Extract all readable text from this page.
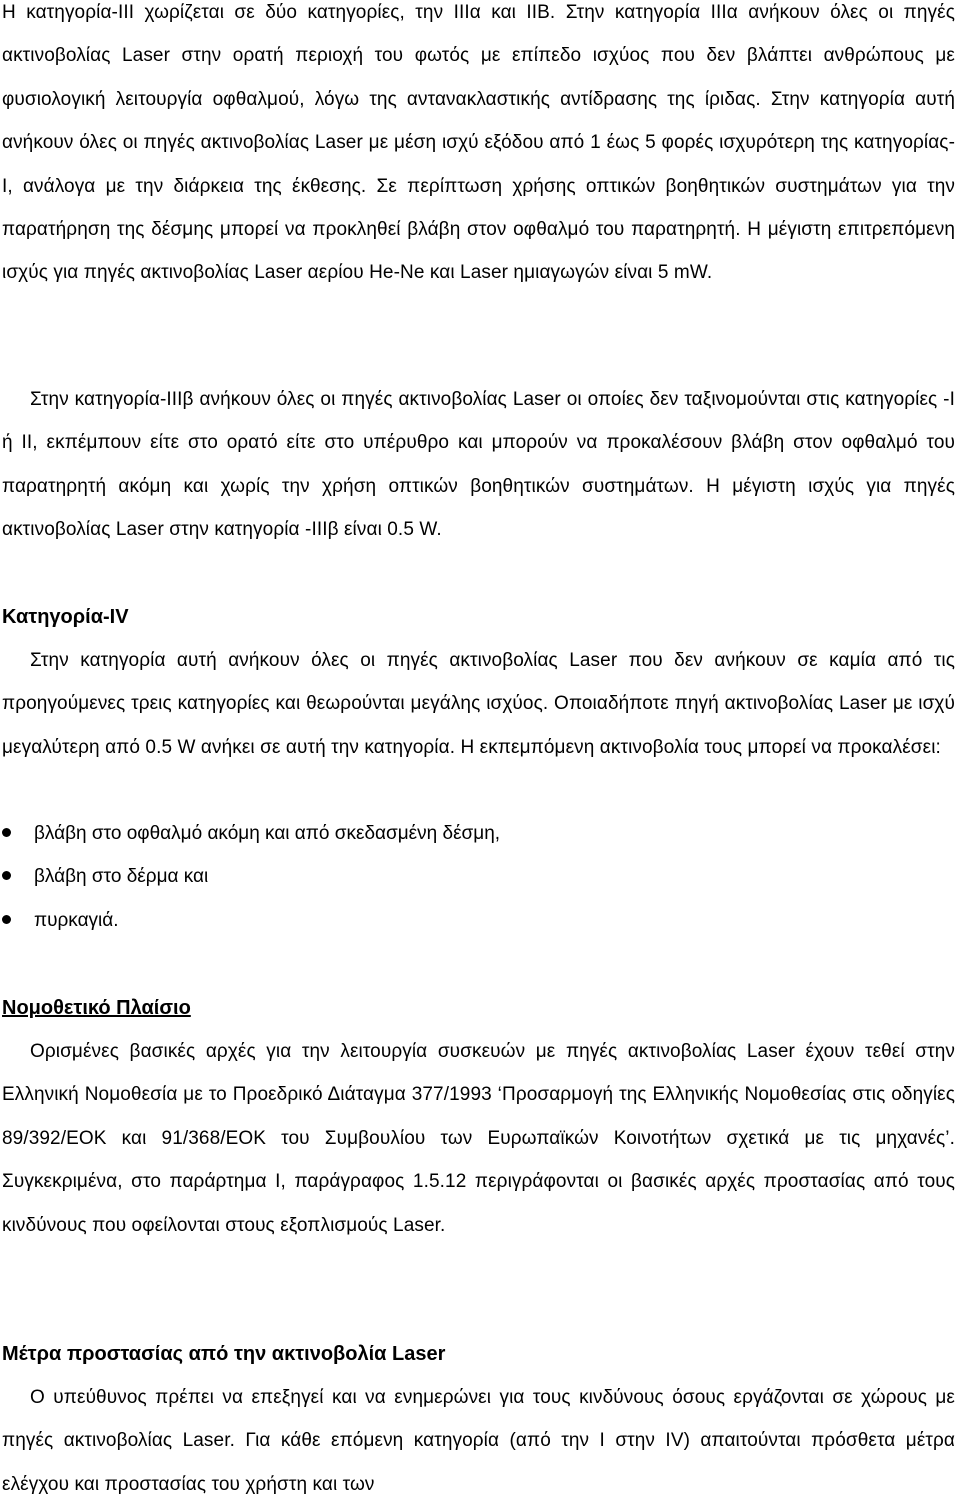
Η κατηγορία-ΙΙΙ χωρίζεται σε δύο κατηγορίες, την ΙΙΙα και ΙΙΒ. Στην κατηγορία ΙΙΙα ανήκουν όλες οι πηγές ακτινοβολίας Laser στην ορατή περιοχή του φωτός με επίπεδο ισχύος που δεν βλάπτει ανθρώπους με φυσιολογική λειτουργία οφθαλμού, λόγω της αντανακλαστικής αντίδρασης της ίριδας. Στην κατηγορία αυτή ανήκουν όλες οι πηγές ακτινοβολίας Laser με μέση ισχύ εξόδου από 1 έως 5 φορές ισχυρότερη της κατηγορίας-Ι, ανάλογα με την διάρκεια της έκθεσης. Σε περίπτωση χρήσης οπτικών βοηθητικών συστημάτων για την παρατήρηση της δέσμης μπορεί να προκληθεί βλάβη στον οφθαλμό του παρατηρητή. Η μέγιστη επιτρεπόμενη ισχύς για πηγές ακτινοβολίας Laser αερίου He-Ne και Laser ημιαγωγών είναι 5 mW.

Στην κατηγορία-ΙΙΙβ ανήκουν όλες οι πηγές ακτινοβολίας Laser οι οποίες δεν ταξινομούνται στις κατηγορίες -Ι ή ΙΙ, εκπέμπουν είτε στο ορατό είτε στο υπέρυθρο και μπορούν να προκαλέσουν βλάβη στον οφθαλμό του παρατηρητή ακόμη και χωρίς την χρήση οπτικών βοηθητικών συστημάτων. Η μέγιστη ισχύς για πηγές ακτινοβολίας Laser στην κατηγορία -ΙΙΙβ είναι 0.5 W.

Κατηγορία-IV

Στην κατηγορία αυτή ανήκουν όλες οι πηγές ακτινοβολίας Laser που δεν ανήκουν σε καμία από τις προηγούμενες τρεις κατηγορίες και θεωρούνται μεγάλης ισχύος. Οποιαδήποτε πηγή ακτινοβολίας Laser με ισχύ μεγαλύτερη από 0.5 W ανήκει σε αυτή την κατηγορία. Η εκπεμπόμενη ακτινοβολία τους μπορεί να προκαλέσει:

βλάβη στο οφθαλμό ακόμη και από σκεδασμένη δέσμη,
βλάβη στο δέρμα και
πυρκαγιά.
Νομοθετικό Πλαίσιο

Ορισμένες βασικές αρχές για την λειτουργία συσκευών με πηγές ακτινοβολίας Laser έχουν τεθεί στην Ελληνική Νομοθεσία με το Προεδρικό Διάταγμα 377/1993 ‘Προσαρμογή της Ελληνικής Νομοθεσίας στις οδηγίες 89/392/ΕΟΚ και 91/368/ΕΟΚ του Συμβουλίου των Ευρωπαϊκών Κοινοτήτων σχετικά με τις μηχανές’. Συγκεκριμένα, στο παράρτημα Ι, παράγραφος 1.5.12 περιγράφονται οι βασικές αρχές προστασίας από τους κινδύνους που οφείλονται στους εξοπλισμούς Laser.

Μέτρα προστασίας από την ακτινοβολία Laser

Ο υπεύθυνος πρέπει να επεξηγεί και να ενημερώνει για τους κινδύνους όσους εργάζονται σε χώρους με πηγές ακτινοβολίας Laser. Για κάθε επόμενη κατηγορία (από την Ι στην IV) απαιτούνται πρόσθετα μέτρα ελέγχου και προστασίας του χρήστη και των
